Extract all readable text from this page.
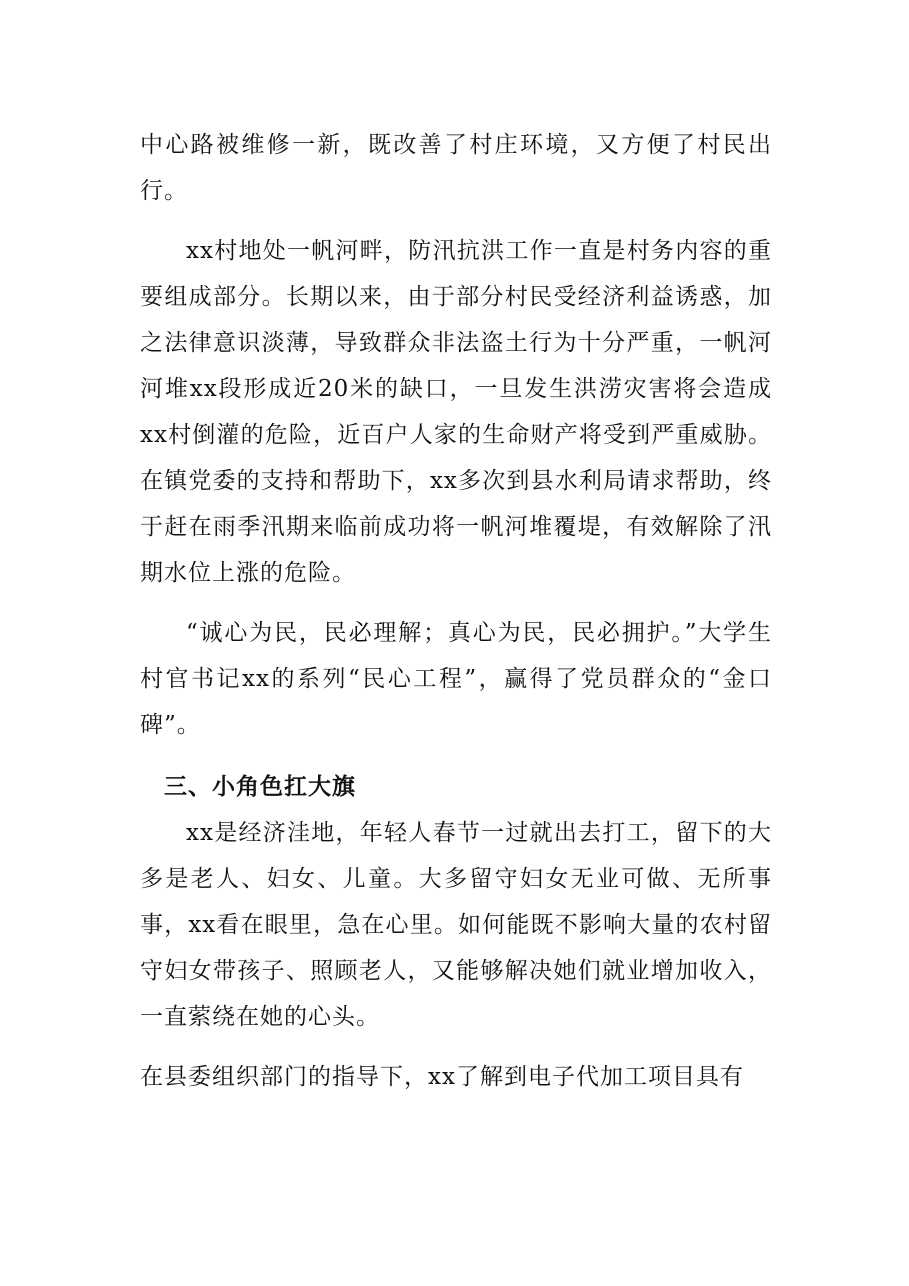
中心路被维修一新，既改善了村庄环境，又方便了村民出行。

xx村地处一帆河畔，防汛抗洪工作一直是村务内容的重要组成部分。长期以来，由于部分村民受经济利益诱惑，加之法律意识淡薄，导致群众非法盗土行为十分严重，一帆河河堆xx段形成近20米的缺口，一旦发生洪涝灾害将会造成xx村倒灌的危险，近百户人家的生命财产将受到严重威胁。在镇党委的支持和帮助下，xx多次到县水利局请求帮助，终于赶在雨季汛期来临前成功将一帆河堆覆堤，有效解除了汛期水位上涨的危险。

“诚心为民，民必理解；真心为民，民必拥护。”大学生村官书记xx的系列“民心工程”，赢得了党员群众的“金口碑”。

三、小角色扛大旗

xx是经济洼地，年轻人春节一过就出去打工，留下的大多是老人、妇女、儿童。大多留守妇女无业可做、无所事事，xx看在眼里，急在心里。如何能既不影响大量的农村留守妇女带孩子、照顾老人，又能够解决她们就业增加收入，一直萦绕在她的心头。

在县委组织部门的指导下，xx了解到电子代加工项目具有
